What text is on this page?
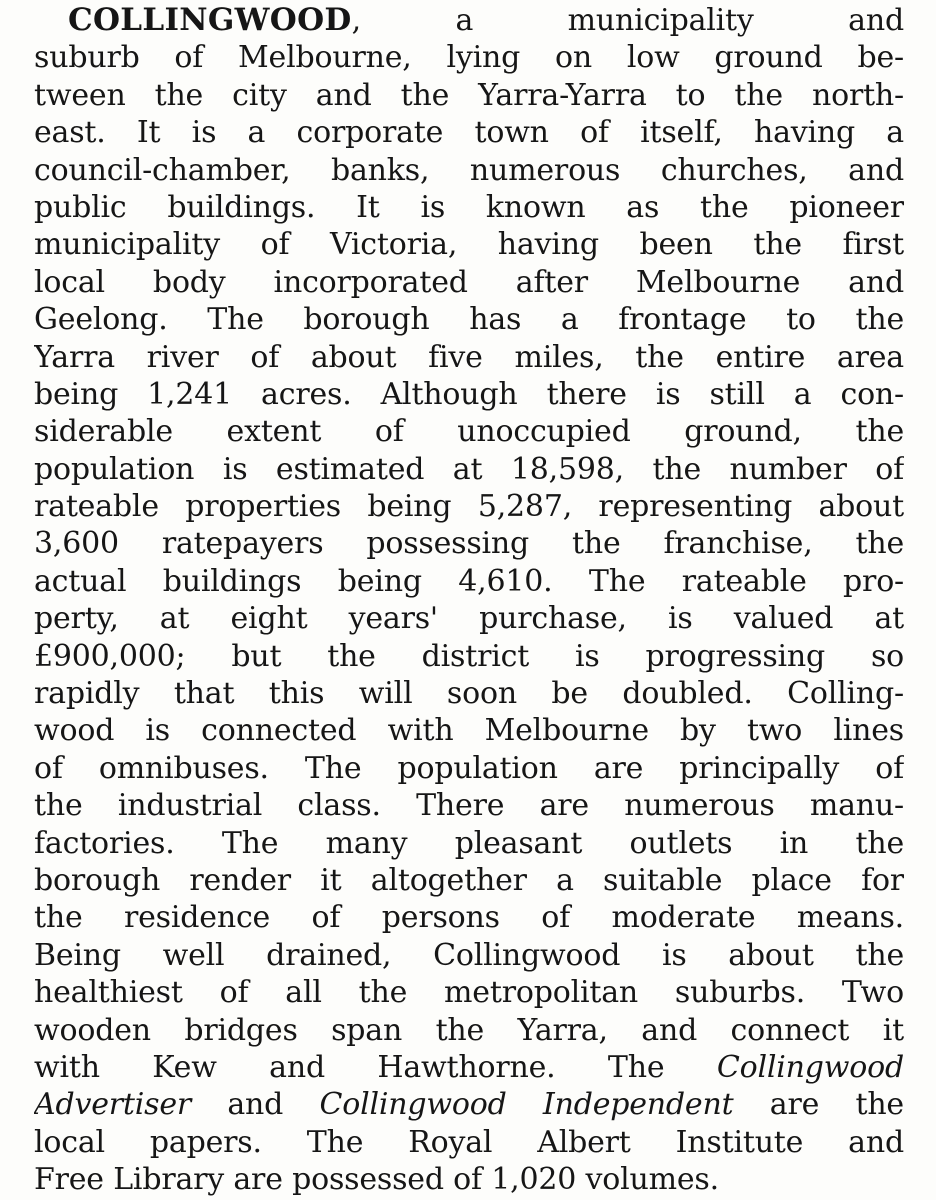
COLLINGWOOD, a municipality and
suburb of Melbourne, lying on low ground be-
tween the city and the Yarra-Yarra to the north-
east. It is a corporate town of itself, having a
council-chamber, banks, numerous churches, and
public buildings. It is known as the pioneer
municipality of Victoria, having been the first
local body incorporated after Melbourne and
Geelong. The borough has a frontage to the
Yarra river of about five miles, the entire area
being 1,241 acres. Although there is still a con-
siderable extent of unoccupied ground, the
population is estimated at 18,598, the number of
rateable properties being 5,287, representing about
3,600 ratepayers possessing the franchise, the
actual buildings being 4,610. The rateable pro-
perty, at eight years' purchase, is valued at
£900,000; but the district is progressing so
rapidly that this will soon be doubled. Colling-
wood is connected with Melbourne by two lines
of omnibuses. The population are principally of
the industrial class. There are numerous manu-
factories. The many pleasant outlets in the
borough render it altogether a suitable place for
the residence of persons of moderate means.
Being well drained, Collingwood is about the
healthiest of all the metropolitan suburbs. Two
wooden bridges span the Yarra, and connect it
with Kew and Hawthorne. The Collingwood
Advertiser and Collingwood Independent are the
local papers. The Royal Albert Institute and
Free Library are possessed of 1,020 volumes.
